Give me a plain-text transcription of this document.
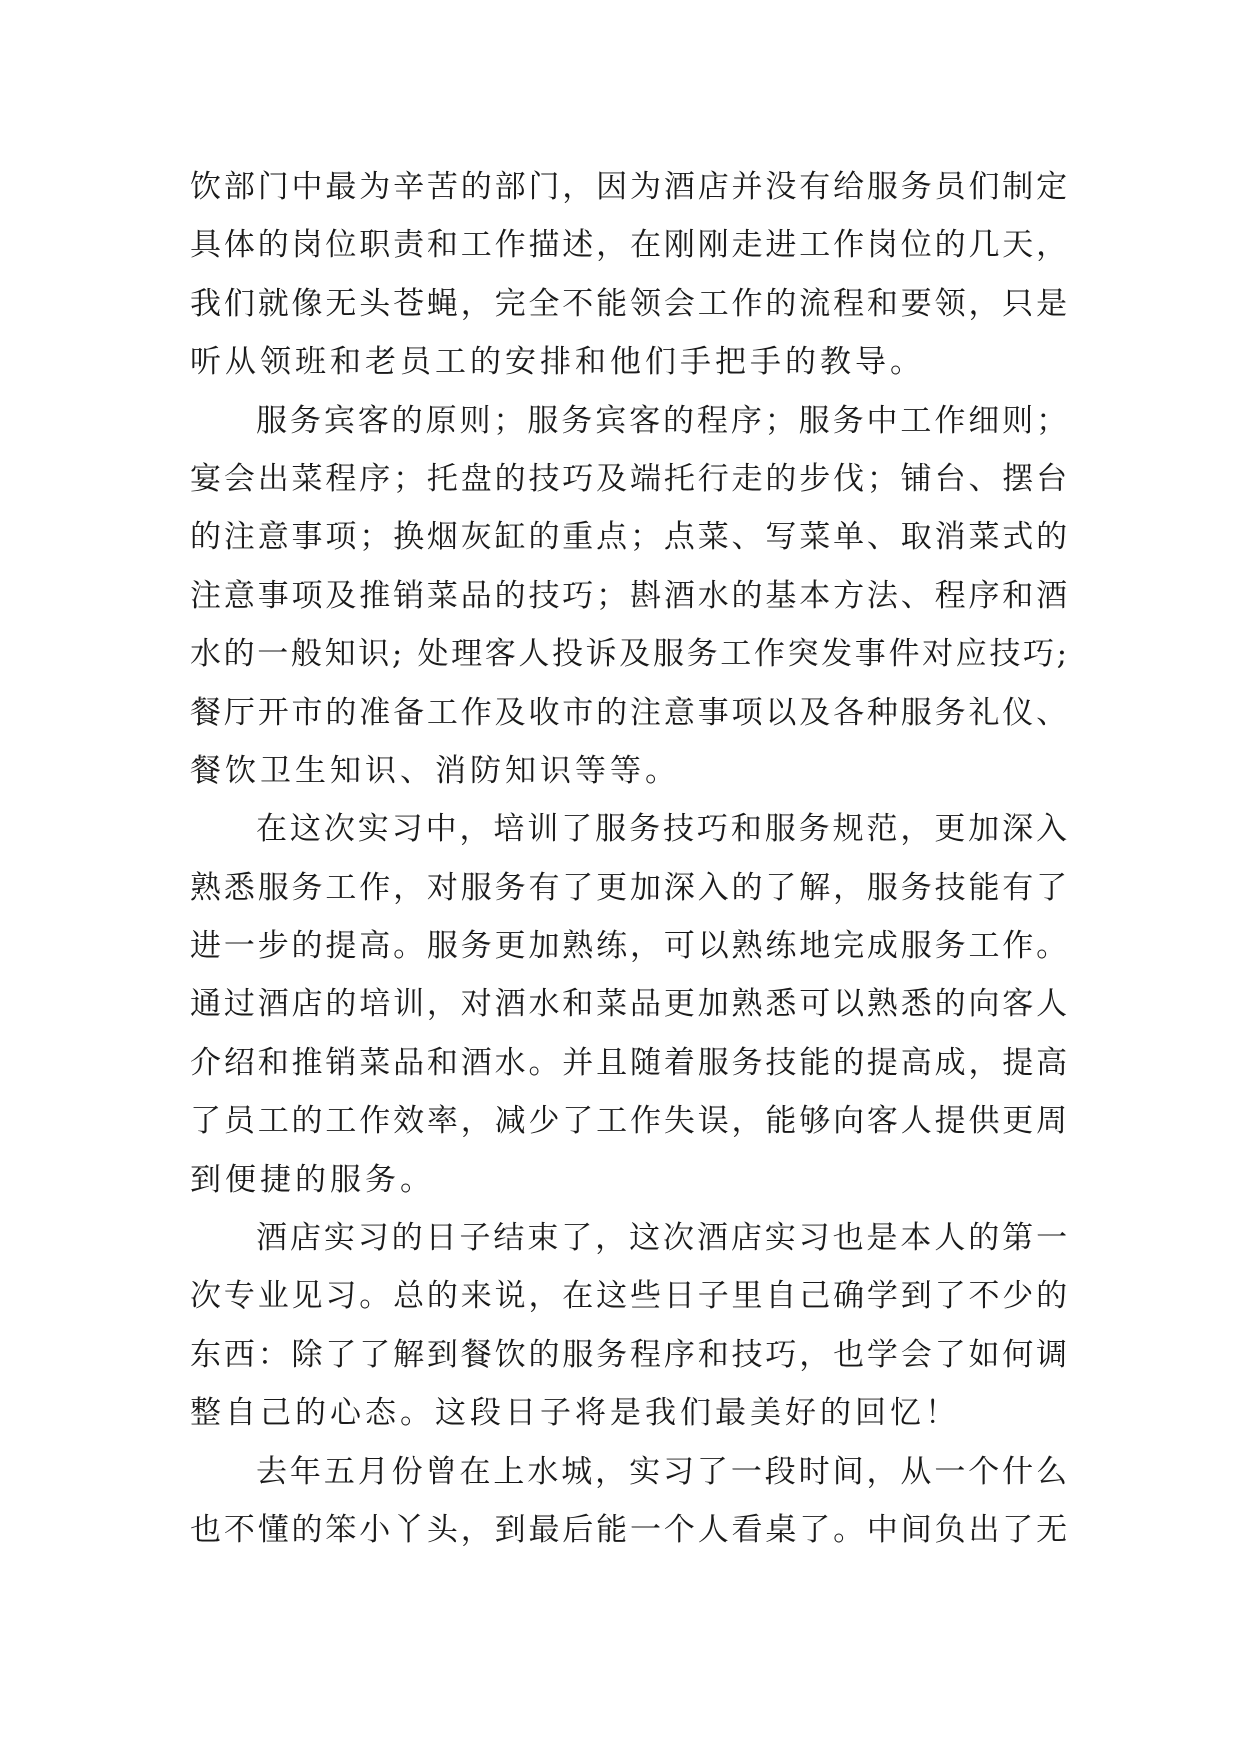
饮部门中最为辛苦的部门，因为酒店并没有给服务员们制定
具体的岗位职责和工作描述，在刚刚走进工作岗位的几天，
我们就像无头苍蝇，完全不能领会工作的流程和要领，只是
听从领班和老员工的安排和他们手把手的教导。
服务宾客的原则；服务宾客的程序；服务中工作细则；
宴会出菜程序；托盘的技巧及端托行走的步伐；铺台、摆台
的注意事项；换烟灰缸的重点；点菜、写菜单、取消菜式的
注意事项及推销菜品的技巧；斟酒水的基本方法、程序和酒
水的一般知识; 处理客人投诉及服务工作突发事件对应技巧;
餐厅开市的准备工作及收市的注意事项以及各种服务礼仪、
餐饮卫生知识、消防知识等等。
在这次实习中，培训了服务技巧和服务规范，更加深入
熟悉服务工作，对服务有了更加深入的了解，服务技能有了
进一步的提高。服务更加熟练，可以熟练地完成服务工作。
通过酒店的培训，对酒水和菜品更加熟悉可以熟悉的向客人
介绍和推销菜品和酒水。并且随着服务技能的提高成，提高
了员工的工作效率，减少了工作失误，能够向客人提供更周
到便捷的服务。
酒店实习的日子结束了，这次酒店实习也是本人的第一
次专业见习。总的来说，在这些日子里自己确学到了不少的
东西：除了了解到餐饮的服务程序和技巧，也学会了如何调
整自己的心态。这段日子将是我们最美好的回忆！
去年五月份曾在上水城，实习了一段时间，从一个什么
也不懂的笨小丫头，到最后能一个人看桌了。中间负出了无
